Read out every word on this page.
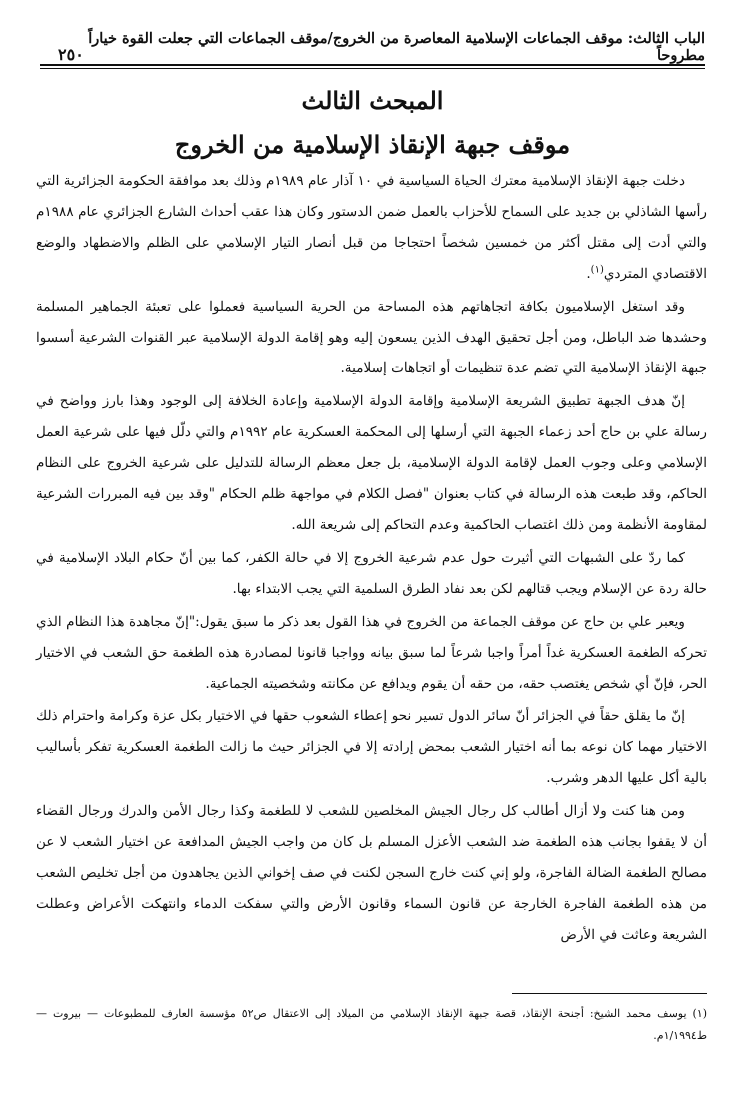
الباب الثالث: موقف الجماعات الإسلامية المعاصرة من الخروج/موقف الجماعات التي جعلت القوة خياراً مطروحاً
٢٥٠
المبحث الثالث
موقف جبهة الإنقاذ الإسلامية من الخروج

دخلت جبهة الإنقاذ الإسلامية معترك الحياة السياسية في ١٠ آذار عام ١٩٨٩م وذلك بعد موافقة الحكومة الجزائرية التي رأسها الشاذلي بن جديد على السماح للأحزاب بالعمل ضمن الدستور وكان هذا عقب أحداث الشارع الجزائري عام ١٩٨٨م والتي أدت إلى مقتل أكثر من خمسين شخصاً احتجاجا من قبل أنصار التيار الإسلامي على الظلم والاضطهاد والوضع الاقتصادي المتردي$^{(١)}$.

وقد استغل الإسلاميون بكافة اتجاهاتهم هذه المساحة من الحرية السياسية فعملوا على تعبئة الجماهير المسلمة وحشدها ضد الباطل، ومن أجل تحقيق الهدف الذين يسعون إليه وهو إقامة الدولة الإسلامية عبر القنوات الشرعية أسسوا جبهة الإنقاذ الإسلامية التي تضم عدة تنظيمات أو اتجاهات إسلامية.

إنّ هدف الجبهة تطبيق الشريعة الإسلامية وإقامة الدولة الإسلامية وإعادة الخلافة إلى الوجود وهذا بارز وواضح في رسالة علي بن حاج أحد زعماء الجبهة التي أرسلها إلى المحكمة العسكرية عام ١٩٩٢م والتي دلّل فيها على شرعية العمل الإسلامي وعلى وجوب العمل لإقامة الدولة الإسلامية، بل جعل معظم الرسالة للتدليل على شرعية الخروج على النظام الحاكم، وقد طبعت هذه الرسالة في كتاب بعنوان "فصل الكلام في مواجهة ظلم الحكام "وقد بين فيه المبررات الشرعية لمقاومة الأنظمة ومن ذلك اغتصاب الحاكمية وعدم التحاكم إلى شريعة الله.

كما ردّ على الشبهات التي أثيرت حول عدم شرعية الخروج إلا في حالة الكفر، كما بين أنّ حكام البلاد الإسلامية في حالة ردة عن الإسلام ويجب قتالهم لكن بعد نفاد الطرق السلمية التي يجب الابتداء بها.

ويعبر علي بن حاج عن موقف الجماعة من الخروج في هذا القول بعد ذكر ما سبق يقول:"إنّ مجاهدة هذا النظام الذي تحركه الطغمة العسكرية غداً أمراً واجبا شرعاً لما سبق بيانه وواجبا قانونا لمصادرة هذه الطغمة حق الشعب في الاختيار الحر، فإنّ أي شخص يغتصب حقه، من حقه أن يقوم ويدافع عن مكانته وشخصيته الجماعية.

إنّ ما يقلق حقاً في الجزائر أنّ سائر الدول تسير نحو إعطاء الشعوب حقها في الاختيار بكل عزة وكرامة واحترام ذلك الاختيار مهما كان نوعه بما أنه اختيار الشعب بمحض إرادته إلا في الجزائر حيث ما زالت الطغمة العسكرية تفكر بأساليب بالية أكل عليها الدهر وشرب.

ومن هنا كنت ولا أزال أطالب كل رجال الجيش المخلصين للشعب لا للطغمة وكذا رجال الأمن والدرك ورجال القضاء أن لا يقفوا بجانب هذه الطغمة ضد الشعب الأعزل المسلم بل كان من واجب الجيش المدافعة عن اختيار الشعب لا عن مصالح الطغمة الضالة الفاجرة، ولو إني كنت خارج السجن لكنت في صف إخواني الذين يجاهدون من أجل تخليص الشعب من هذه الطغمة الفاجرة الخارجة عن قانون السماء وقانون الأرض والتي سفكت الدماء وانتهكت الأعراض وعطلت الشريعة وعاثت في الأرض

(١) يوسف محمد الشيخ: أجنحة الإنقاذ، قصة جبهة الإنقاذ الإسلامي من الميلاد إلى الاعتقال ص٥٢ مؤسسة العارف للمطبوعات — بيروت — ط١/١٩٩٤م.
